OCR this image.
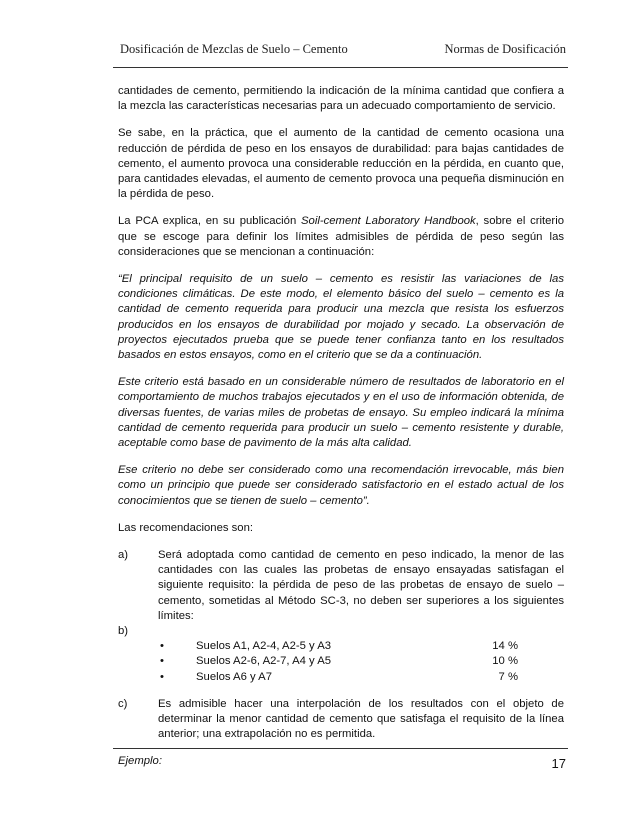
Dosificación de Mezclas de Suelo – Cemento	Normas de Dosificación

cantidades de cemento, permitiendo la indicación de la mínima cantidad que confiera a la mezcla las características necesarias para un adecuado comportamiento de servicio.

Se sabe, en la práctica, que el aumento de la cantidad de cemento ocasiona una reducción de pérdida de peso en los ensayos de durabilidad: para bajas cantidades de cemento, el aumento provoca una considerable reducción en la pérdida, en cuanto que, para cantidades elevadas, el aumento de cemento provoca una pequeña disminución en la pérdida de peso.

La PCA explica, en su publicación Soil-cement Laboratory Handbook, sobre el criterio que se escoge para definir los límites admisibles de pérdida de peso según las consideraciones que se mencionan a continuación:

“El principal requisito de un suelo – cemento es resistir las variaciones de las condiciones climáticas. De este modo, el elemento básico del suelo – cemento es la cantidad de cemento requerida para producir una mezcla que resista los esfuerzos producidos en los ensayos de durabilidad por mojado y secado. La observación de proyectos ejecutados prueba que se puede tener confianza tanto en los resultados basados en estos ensayos, como en el criterio que se da a continuación.

Este criterio está basado en un considerable número de resultados de laboratorio en el comportamiento de muchos trabajos ejecutados y en el uso de información obtenida, de diversas fuentes, de varias miles de probetas de ensayo. Su empleo indicará la mínima cantidad de cemento requerida para producir un suelo – cemento resistente y durable, aceptable como base de pavimento de la más alta calidad.

Ese criterio no debe ser considerado como una recomendación irrevocable, más bien como un principio que puede ser considerado satisfactorio en el estado actual de los conocimientos que se tienen de suelo – cemento”.

Las recomendaciones son:

a)	Será adoptada como cantidad de cemento en peso indicado, la menor de las cantidades con las cuales las probetas de ensayo ensayadas satisfagan el siguiente requisito: la pérdida de peso de las probetas de ensayo de suelo – cemento, sometidas al Método SC-3, no deben ser superiores a los siguientes límites:
b)
•	Suelos A1, A2-4, A2-5 y A3	14 %
•	Suelos A2-6, A2-7, A4 y A5	10 %
•	Suelos A6 y A7	7 %
c)	Es admisible hacer una interpolación de los resultados con el objeto de determinar la menor cantidad de cemento que satisfaga el requisito de la línea anterior; una extrapolación no es permitida.

Ejemplo:	17
